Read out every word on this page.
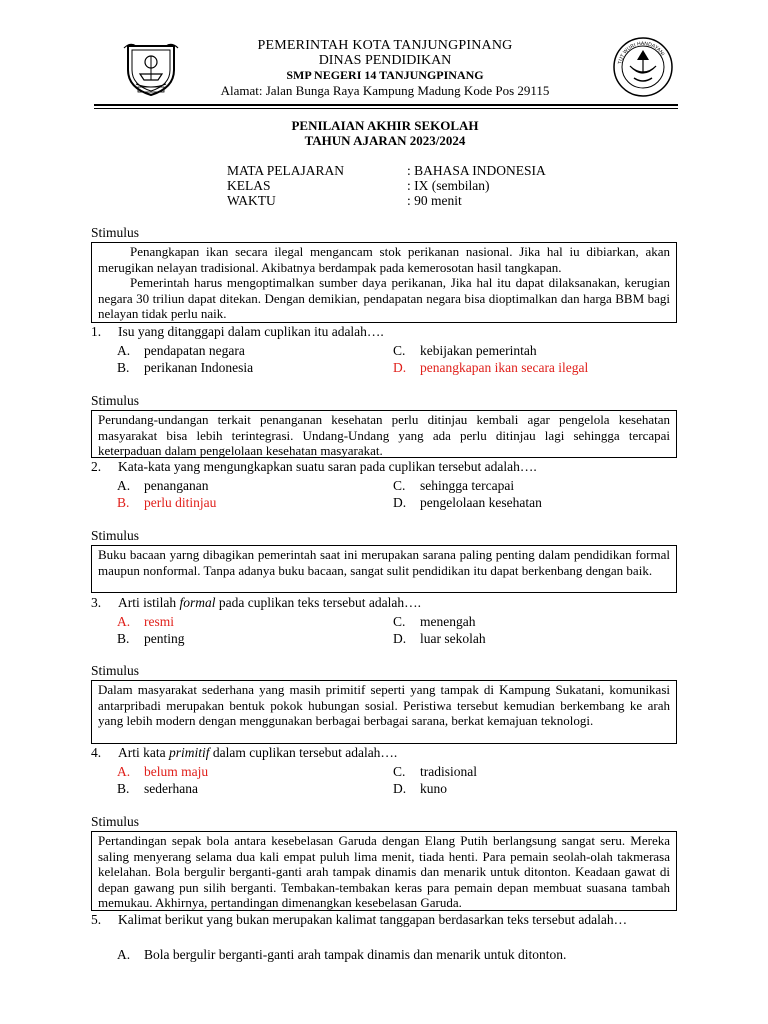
PEMERINTAH KOTA TANJUNGPINANG
DINAS PENDIDIKAN
SMP NEGERI 14 TANJUNGPINANG
Alamat: Jalan Bunga Raya Kampung Madung Kode Pos 29115
TUT WURI HANDAYANI
PENILAIAN AKHIR SEKOLAH
TAHUN AJARAN 2023/2024
MATA PELAJARAN	: BAHASA INDONESIA
KELAS	: IX (sembilan)
WAKTU	: 90 menit
Stimulus

Penangkapan ikan secara ilegal mengancam stok perikanan nasional. Jika hal iu dibiarkan, akan merugikan nelayan tradisional. Akibatnya berdampak pada kemerosotan hasil tangkapan.

Pemerintah harus mengoptimalkan sumber daya perikanan, Jika hal itu dapat dilaksanakan, kerugian negara 30 triliun dapat ditekan. Dengan demikian, pendapatan negara bisa dioptimalkan dan harga BBM bagi nelayan tidak perlu naik.

1. Isu yang ditanggapi dalam cuplikan itu adalah….
A. pendapatan negara
B. perikanan Indonesia
C. kebijakan pemerintah
D. penangkapan ikan secara ilegal
Stimulus

Perundang-undangan terkait penanganan kesehatan perlu ditinjau kembali agar pengelola kesehatan masyarakat bisa lebih terintegrasi. Undang-Undang yang ada perlu ditinjau lagi sehingga tercapai keterpaduan dalam pengelolaan kesehatan masyarakat.

2. Kata-kata yang mengungkapkan suatu saran pada cuplikan tersebut adalah….
A. penanganan
B. perlu ditinjau
C. sehingga tercapai
D. pengelolaan kesehatan
Stimulus

Buku bacaan yarng dibagikan pemerintah saat ini merupakan sarana paling penting dalam pendidikan formal maupun nonformal. Tanpa adanya buku bacaan, sangat sulit pendidikan itu dapat berkenbang dengan baik.

3. Arti istilah formal pada cuplikan teks tersebut adalah….
A. resmi
B. penting
C. menengah
D. luar sekolah
Stimulus

Dalam masyarakat sederhana yang masih primitif seperti yang tampak di Kampung Sukatani, komunikasi antarpribadi merupakan bentuk pokok hubungan sosial. Peristiwa tersebut kemudian berkembang ke arah yang lebih modern dengan menggunakan berbagai berbagai sarana, berkat kemajuan teknologi.

4. Arti kata primitif dalam cuplikan tersebut adalah….
A. belum maju
B. sederhana
C. tradisional
D. kuno
Stimulus

Pertandingan sepak bola antara kesebelasan Garuda dengan Elang Putih berlangsung sangat seru. Mereka saling menyerang selama dua kali empat puluh lima menit, tiada henti. Para pemain seolah-olah takmerasa kelelahan. Bola bergulir berganti-ganti arah tampak dinamis dan menarik untuk ditonton. Keadaan gawat di depan gawang pun silih berganti. Tembakan-tembakan keras para pemain depan membuat suasana tambah memukau. Akhirnya, pertandingan dimenangkan kesebelasan Garuda.

5. Kalimat berikut yang bukan merupakan kalimat tanggapan berdasarkan teks tersebut adalah…
A. Bola bergulir berganti-ganti arah tampak dinamis dan menarik untuk ditonton.
